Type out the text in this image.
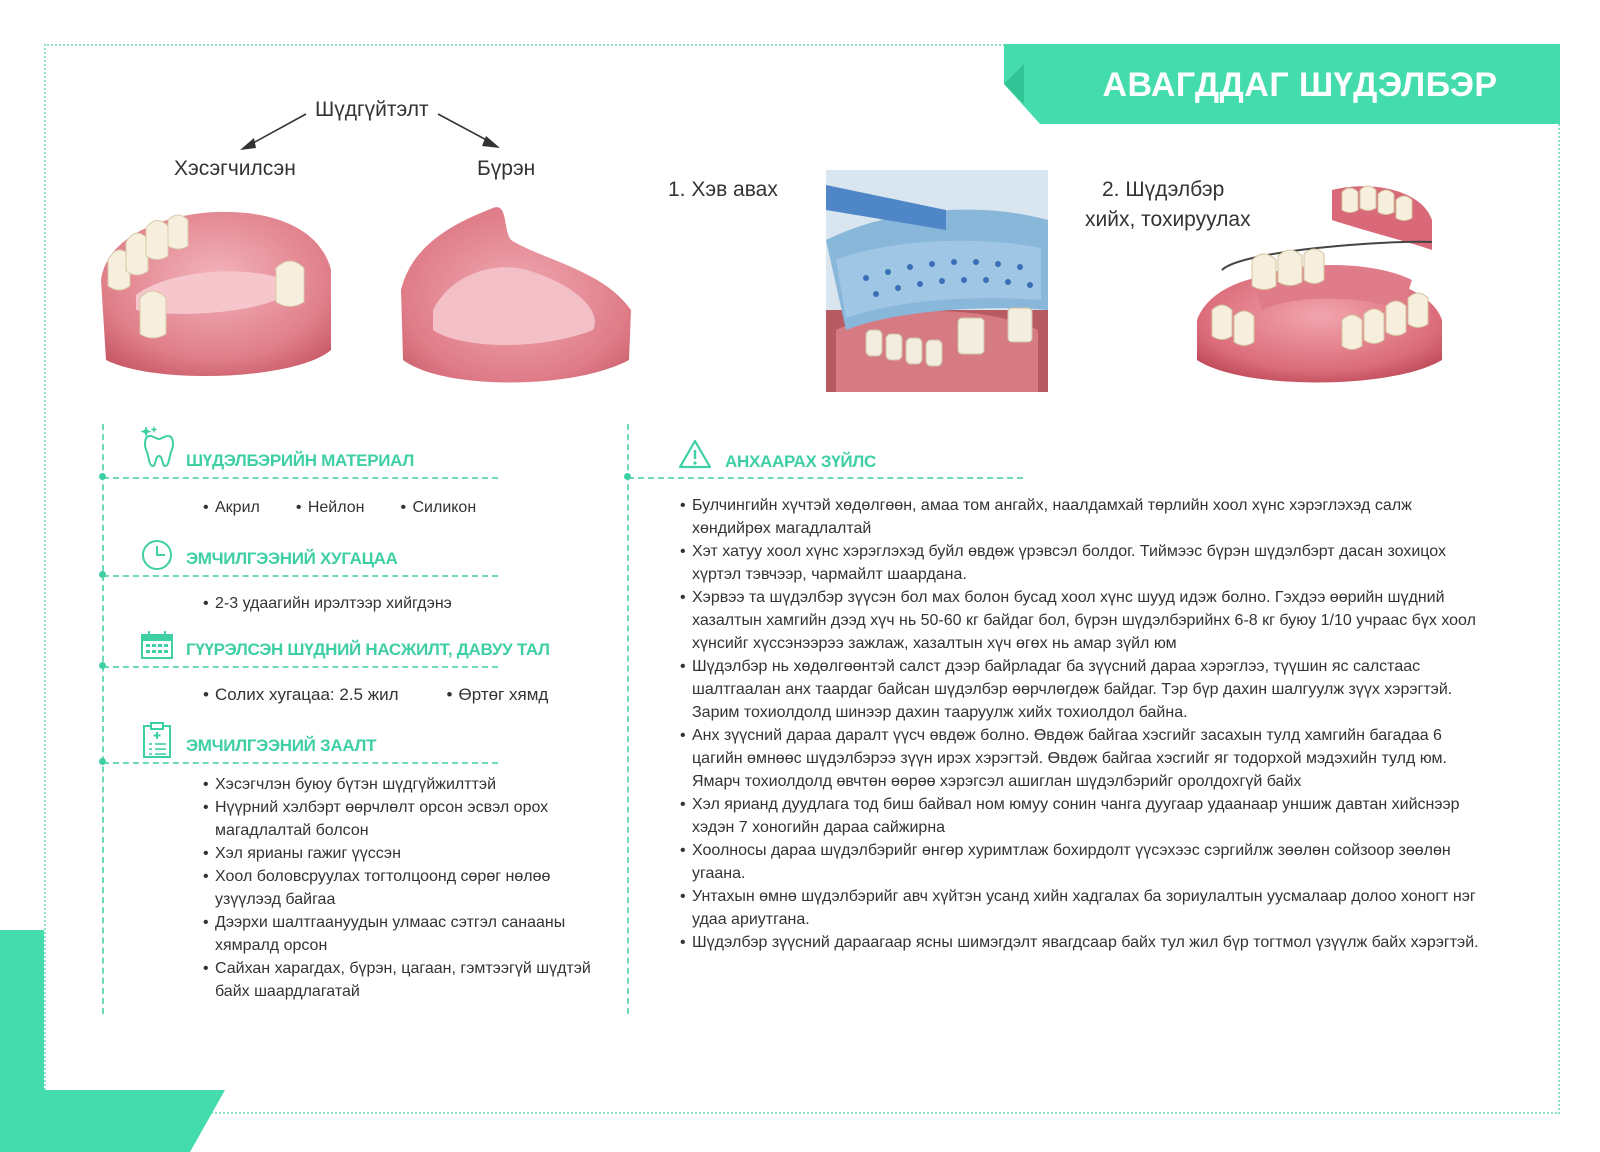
АВАГДДАГ ШҮДЭЛБЭР
Шүдгүйтэлт
Хэсэгчилсэн	Бүрэн
1. Хэв авах	2. Шүдэлбэр
хийх, тохируулах
ШҮДЭЛБЭРИЙН МАТЕРИАЛ
• Акрил	• Нейлон	• Силикон
ЭМЧИЛГЭЭНИЙ ХУГАЦАА
• 2-3 удаагийн ирэлтээр хийгдэнэ
ГҮҮРЭЛСЭН ШҮДНИЙ НАСЖИЛТ, ДАВУУ ТАЛ
• Солих хугацаа: 2.5 жил	• Өртөг хямд
ЭМЧИЛГЭЭНИЙ ЗААЛТ
• Хэсэгчлэн буюу бүтэн шүдгүйжилттэй
• Нүүрний хэлбэрт өөрчлөлт орсон эсвэл орох магадлалтай болсон
• Хэл ярианы гажиг үүссэн
• Хоол боловсруулах тогтолцоонд сөрөг нөлөө узүүлээд байгаа
• Дээрхи шалтгаануудын улмаас сэтгэл санааны хямралд орсон
• Сайхан харагдах, бүрэн, цагаан, гэмтээгүй шүдтэй байх шаардлагатай
АНХААРАХ ЗҮЙЛС
• Булчингийн хүчтэй хөдөлгөөн, амаа том ангайх, наалдамхай төрлийн хоол хүнс хэрэглэхэд салж хөндийрөх магадлалтай
• Хэт хатуу хоол хүнс хэрэглэхэд буйл өвдөж үрэвсэл болдог. Тиймээс бүрэн шүдэлбэрт дасан зохицох хүртэл тэвчээр, чармайлт шаардана.
• Хэрвээ та шүдэлбэр зүүсэн бол мах болон бусад хоол хүнс шууд идэж болно. Гэхдээ өөрийн шүдний хазалтын хамгийн дээд хүч нь 50-60 кг байдаг бол, бүрэн шүдэлбэрийнх 6-8 кг буюу 1/10 учраас бүх хоол хүнсийг хүссэнээрээ зажлаж, хазалтын хүч өгөх нь амар зүйл юм
• Шүдэлбэр нь хөдөлгөөнтэй салст дээр байрладаг ба зүүсний дараа хэрэглээ, түүшин яс салстаас шалтгаалан анх таардаг байсан шүдэлбэр өөрчлөгдөж байдаг. Тэр бүр дахин шалгуулж зүүх хэрэгтэй. Зарим тохиолдолд шинээр дахин тааруулж хийх тохиолдол байна.
• Анх зүүсний дараа даралт үүсч өвдөж болно. Өвдөж байгаа хэсгийг засахын тулд хамгийн багадаа 6 цагийн өмнөөс шүдэлбэрээ зүүн ирэх хэрэгтэй. Өвдөж байгаа хэсгийг яг тодорхой мэдэхийн тулд юм. Ямарч тохиолдолд өвчтөн өөрөө хэрэгсэл ашиглан шүдэлбэрийг оролдохгүй байх
• Хэл ярианд дуудлага тод биш байвал ном юмуу сонин чанга дуугаар удаанаар уншиж давтан хийснээр хэдэн 7 хоногийн дараа сайжирна
• Хоолносы дараа шүдэлбэрийг өнгөр хуримтлаж бохирдолт үүсэхээс сэргийлж зөөлөн сойзоор зөөлөн угаана.
• Унтахын өмнө шүдэлбэрийг авч хүйтэн усанд хийн хадгалах ба зориулалтын уусмалаар долоо хоногт нэг удаа ариутгана.
• Шүдэлбэр зүүсний дараагаар ясны шимэгдэлт явагдсаар байх тул жил бүр тогтмол үзүүлж байх хэрэгтэй.
